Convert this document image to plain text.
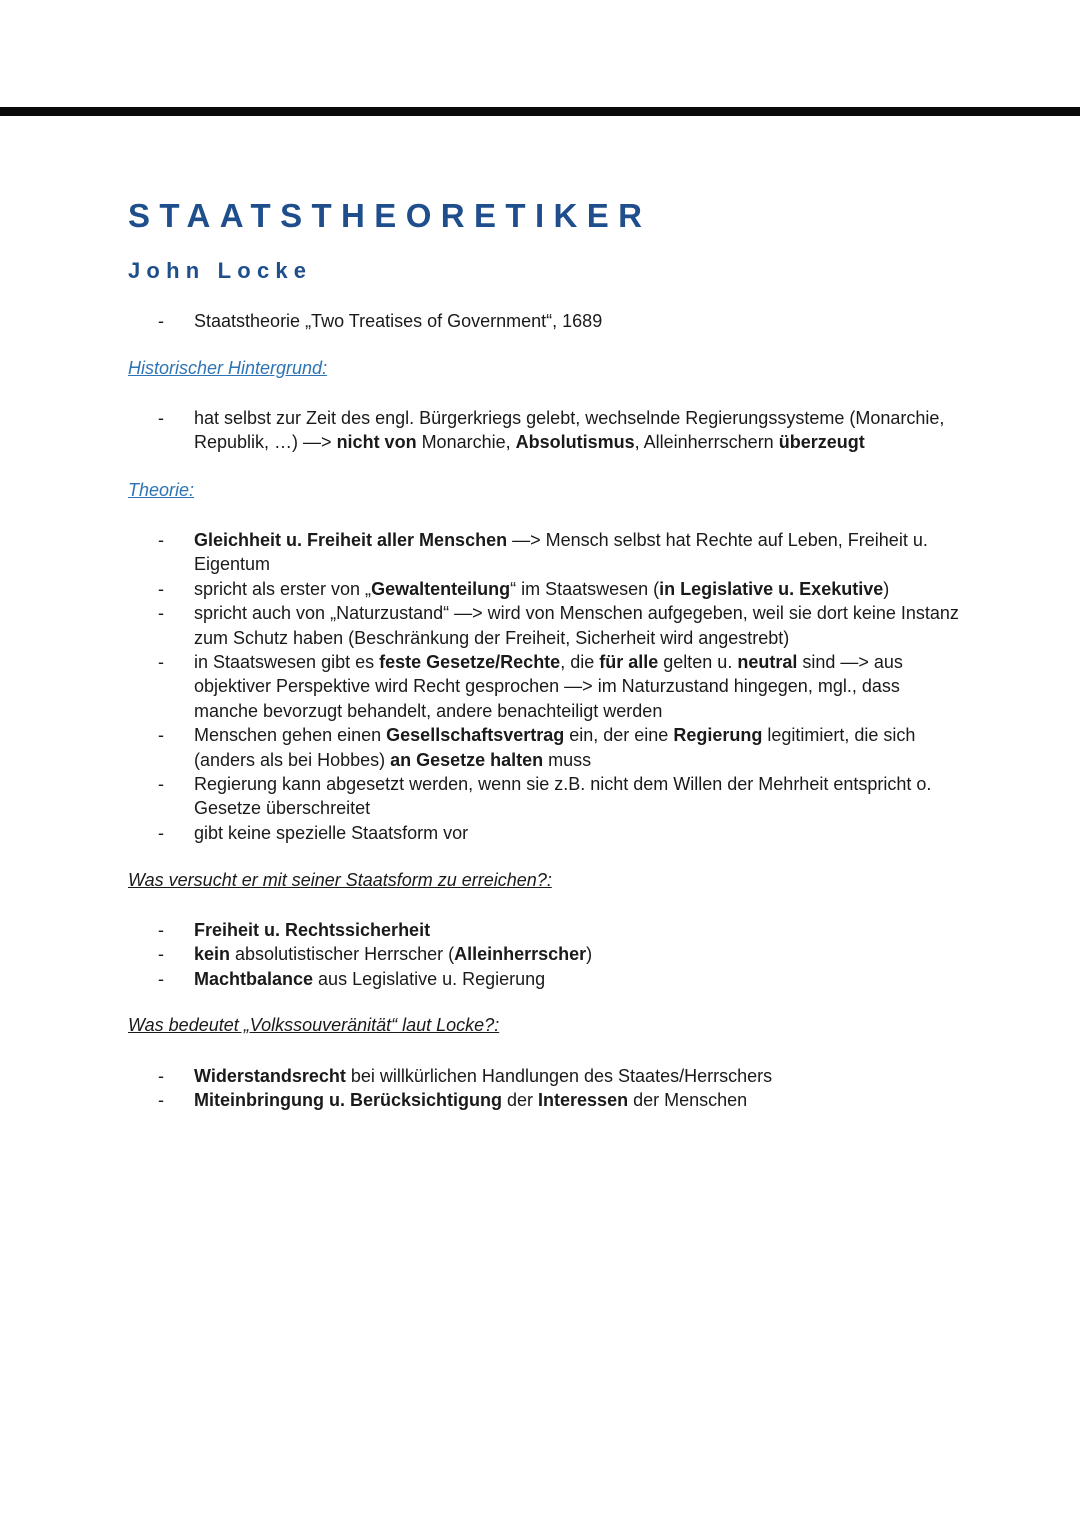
STAATSTHEORETIKER
John Locke
- Staatstheorie „Two Treatises of Government“, 1689

Historischer Hintergrund:

- hat selbst zur Zeit des engl. Bürgerkriegs gelebt, wechselnde Regierungssysteme (Monarchie, Republik, …) —> nicht von Monarchie, Absolutismus, Alleinherrschern überzeugt

Theorie:

- Gleichheit u. Freiheit aller Menschen —> Mensch selbst hat Rechte auf Leben, Freiheit u. Eigentum
- spricht als erster von „Gewaltenteilung“ im Staatswesen (in Legislative u. Exekutive)
- spricht auch von „Naturzustand“ —> wird von Menschen aufgegeben, weil sie dort keine Instanz zum Schutz haben (Beschränkung der Freiheit, Sicherheit wird angestrebt)
- in Staatswesen gibt es feste Gesetze/Rechte, die für alle gelten u. neutral sind —> aus objektiver Perspektive wird Recht gesprochen —> im Naturzustand hingegen, mgl., dass manche bevorzugt behandelt, andere benachteiligt werden
- Menschen gehen einen Gesellschaftsvertrag ein, der eine Regierung legitimiert, die sich (anders als bei Hobbes) an Gesetze halten muss
- Regierung kann abgesetzt werden, wenn sie z.B. nicht dem Willen der Mehrheit entspricht o. Gesetze überschreitet
- gibt keine spezielle Staatsform vor

Was versucht er mit seiner Staatsform zu erreichen?:

- Freiheit u. Rechtssicherheit
- kein absolutistischer Herrscher (Alleinherrscher)
- Machtbalance aus Legislative u. Regierung

Was bedeutet „Volkssouveränität“ laut Locke?:

- Widerstandsrecht bei willkürlichen Handlungen des Staates/Herrschers
- Miteinbringung u. Berücksichtigung der Interessen der Menschen
